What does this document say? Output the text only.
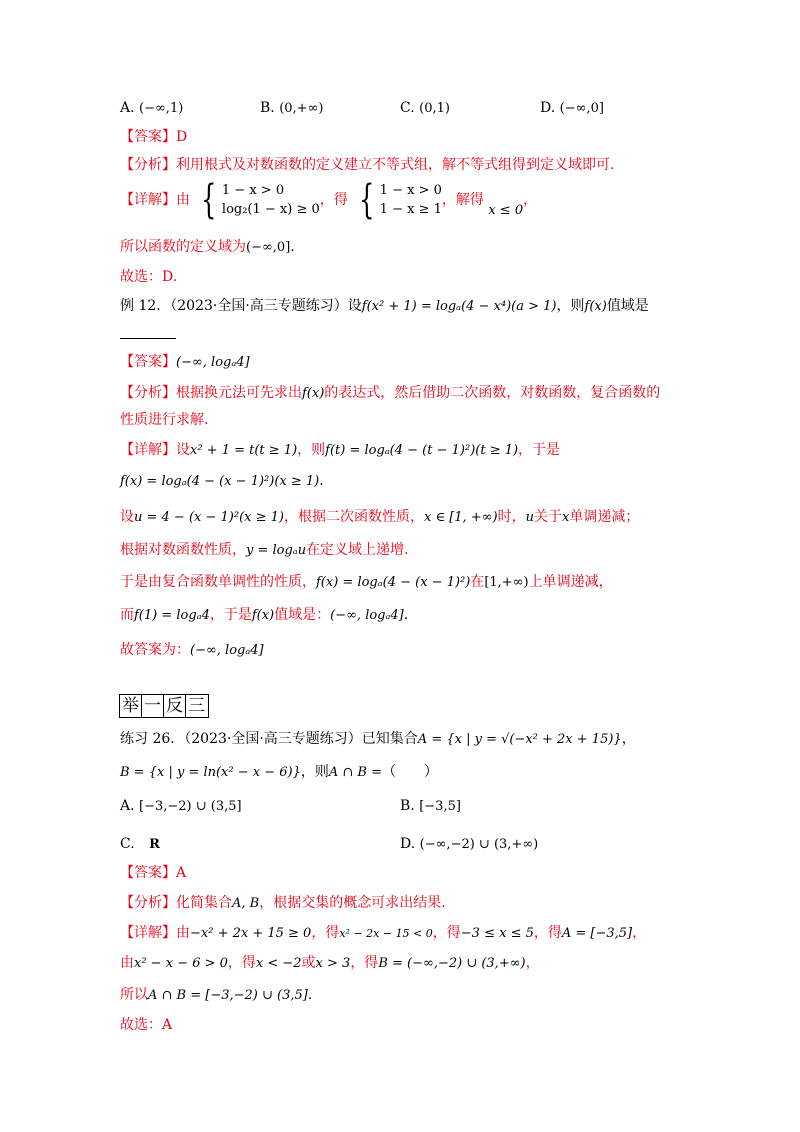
A. (−∞,1)	B. (0,+∞)	C. (0,1)	D. (−∞,0]
【答案】D
【分析】利用根式及对数函数的定义建立不等式组，解不等式组得到定义域即可.
【详解】由 { 1 − x > 0
log₂(1 − x) ≥ 0
，得 { 1 − x > 0
1 − x ≥ 1
，解得 x ≤ 0，
所以函数的定义域为(−∞,0].
故选：D.
例 12．（2023·全国·高三专题练习）设f(x² + 1) = logₐ(4 − x⁴)(a > 1)，则f(x)值域是
【答案】(−∞, logₐ4]
【分析】根据换元法可先求出f(x)的表达式，然后借助二次函数，对数函数，复合函数的
性质进行求解.
【详解】设x² + 1 = t(t ≥ 1)，则f(t) = logₐ(4 − (t − 1)²)(t ≥ 1)，于是
f(x) = logₐ(4 − (x − 1)²)(x ≥ 1).
设u = 4 − (x − 1)²(x ≥ 1)，根据二次函数性质，x ∈ [1, +∞)时，u关于x单调递减；
根据对数函数性质，y = logₐu在定义域上递增.
于是由复合函数单调性的性质，f(x) = logₐ(4 − (x − 1)²)在[1,+∞)上单调递减，
而f(1) = logₐ4，于是f(x)值域是：(−∞, logₐ4].
故答案为：(−∞, logₐ4]
举 一 反 三
练习 26．（2023·全国·高三专题练习）已知集合A = {x | y = √(−x² + 2x + 15)}，
B = {x | y = ln(x² − x − 6)}，则A ∩ B =（　　）
A. [−3,−2) ∪ (3,5]	B. [−3,5]
C. R	D. (−∞,−2) ∪ (3,+∞)
【答案】A
【分析】化简集合A, B，根据交集的概念可求出结果.
【详解】由−x² + 2x + 15 ≥ 0，得x² − 2x − 15 < 0，得−3 ≤ x ≤ 5，得A = [−3,5]，
由x² − x − 6 > 0，得x < −2或x > 3，得B = (−∞,−2) ∪ (3,+∞)，
所以A ∩ B = [−3,−2) ∪ (3,5].
故选：A
